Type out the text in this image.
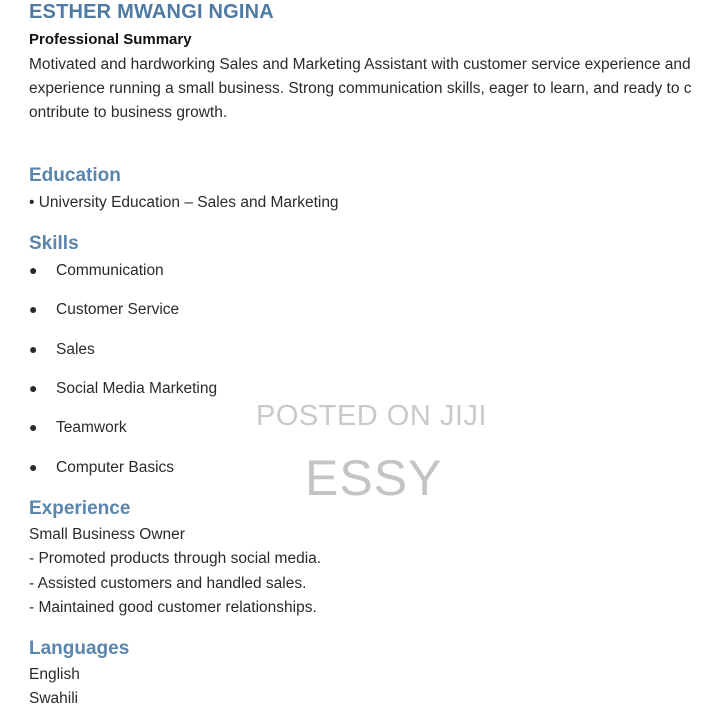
ESTHER MWANGI NGINA
Professional Summary
Motivated and hardworking Sales and Marketing Assistant with customer service experience and experience running a small business. Strong communication skills, eager to learn, and ready to contribute to business growth.
Education
• University Education – Sales and Marketing
Skills
● Communication
● Customer Service
● Sales
● Social Media Marketing
● Teamwork
● Computer Basics
Experience
Small Business Owner
- Promoted products through social media.
- Assisted customers and handled sales.
- Maintained good customer relationships.
Languages
English
Swahili
POSTED ON JIJI
ESSY
